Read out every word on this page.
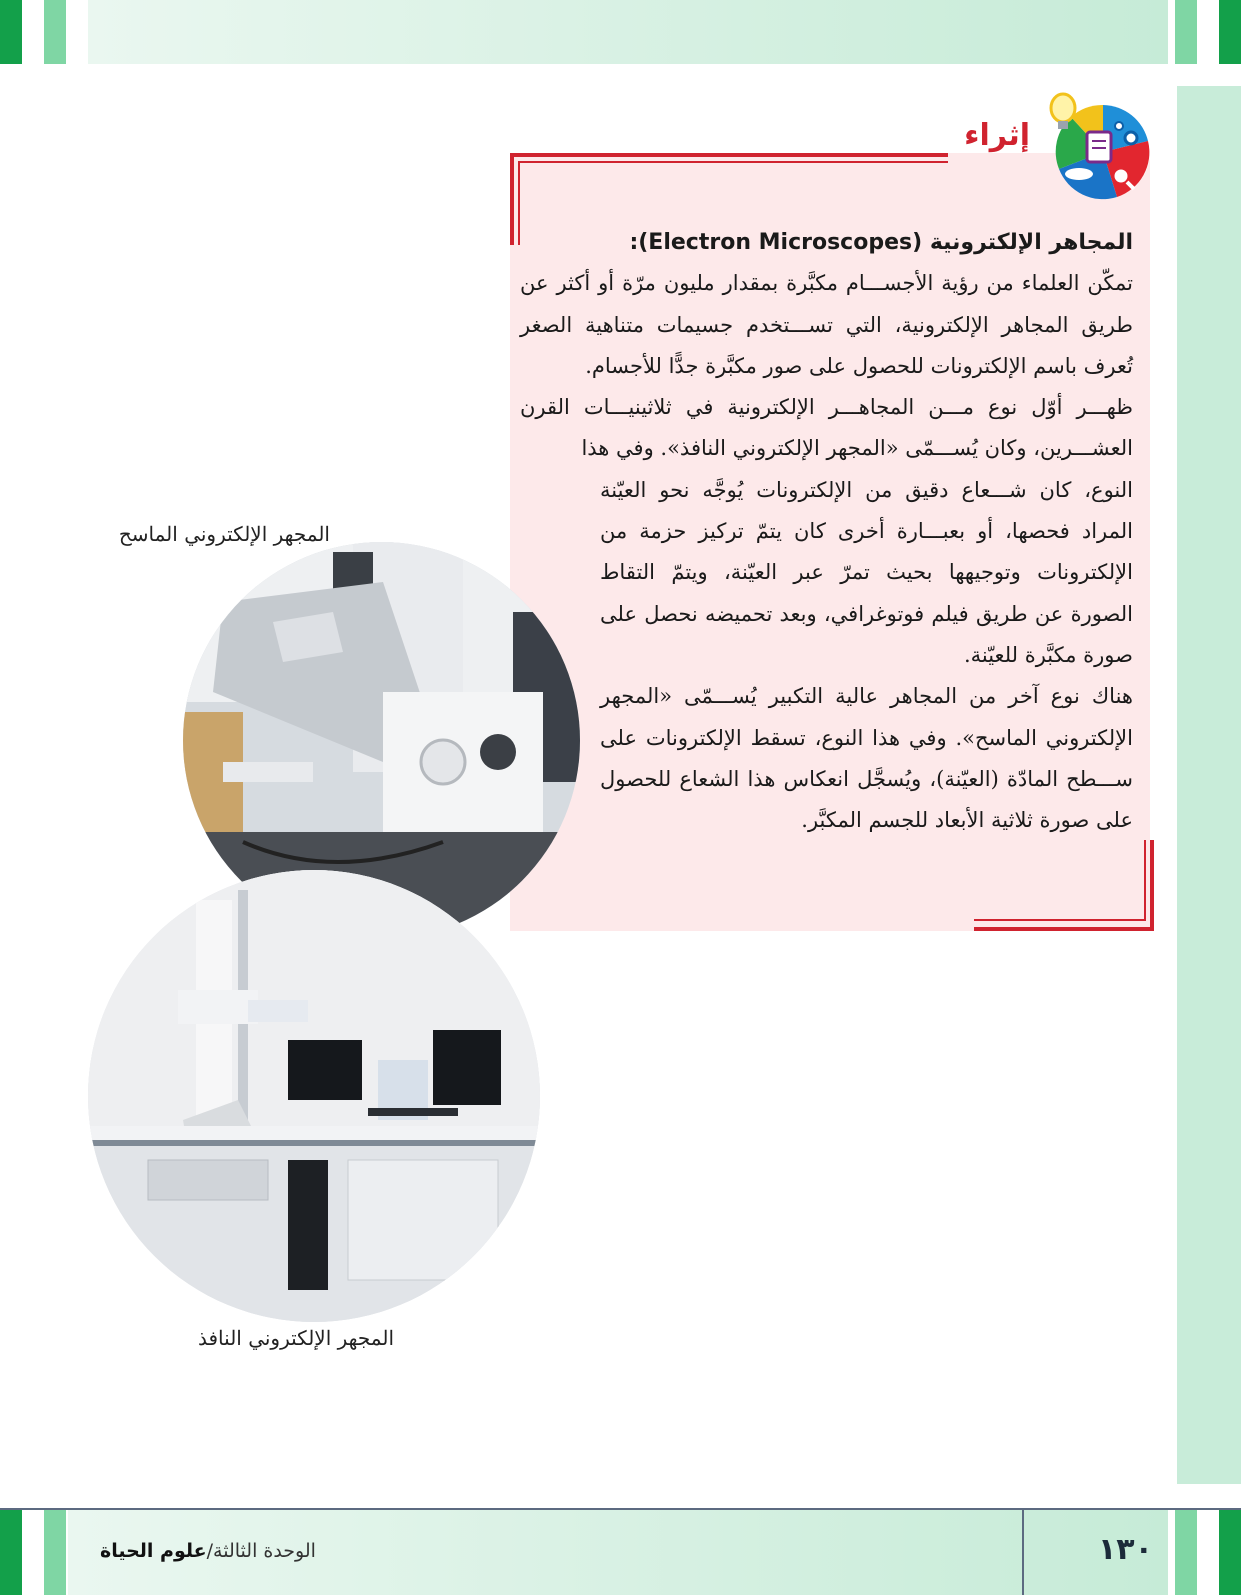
إثراء

المجاهر الإلكترونية (Electron Microscopes):

تمكّن العلماء من رؤية الأجســـام مكبَّرة بمقدار مليون مرّة أو أكثر عن طريق المجاهر الإلكترونية، التي تســـتخدم جسيمات متناهية الصغر تُعرف باسم الإلكترونات للحصول على صور مكبَّرة جدًّا للأجسام.

ظهـــر أوّل نوع مـــن المجاهـــر الإلكترونية في ثلاثينيـــات القرن العشـــرين، وكان يُســـمّى «المجهر الإلكتروني النافذ». وفي هذا

النوع، كان شـــعاع دقيق من الإلكترونات يُوجَّه نحو العيّنة المراد فحصها، أو بعبـــارة أخرى كان يتمّ تركيز حزمة من الإلكترونات وتوجيهها بحيث تمرّ عبر العيّنة، ويتمّ التقاط الصورة عن طريق فيلم فوتوغرافي، وبعد تحميضه نحصل على صورة مكبَّرة للعيّنة.

هناك نوع آخر من المجاهر عالية التكبير يُســـمّى «المجهر الإلكتروني الماسح». وفي هذا النوع، تسقط الإلكترونات على ســـطح المادّة (العيّنة)، ويُسجَّل انعكاس هذا الشعاع للحصول على صورة ثلاثية الأبعاد للجسم المكبَّر.

المجهر الإلكتروني الماسح
المجهر الإلكتروني النافذ
الوحدة الثالثة/علوم الحياة	١٣٠
